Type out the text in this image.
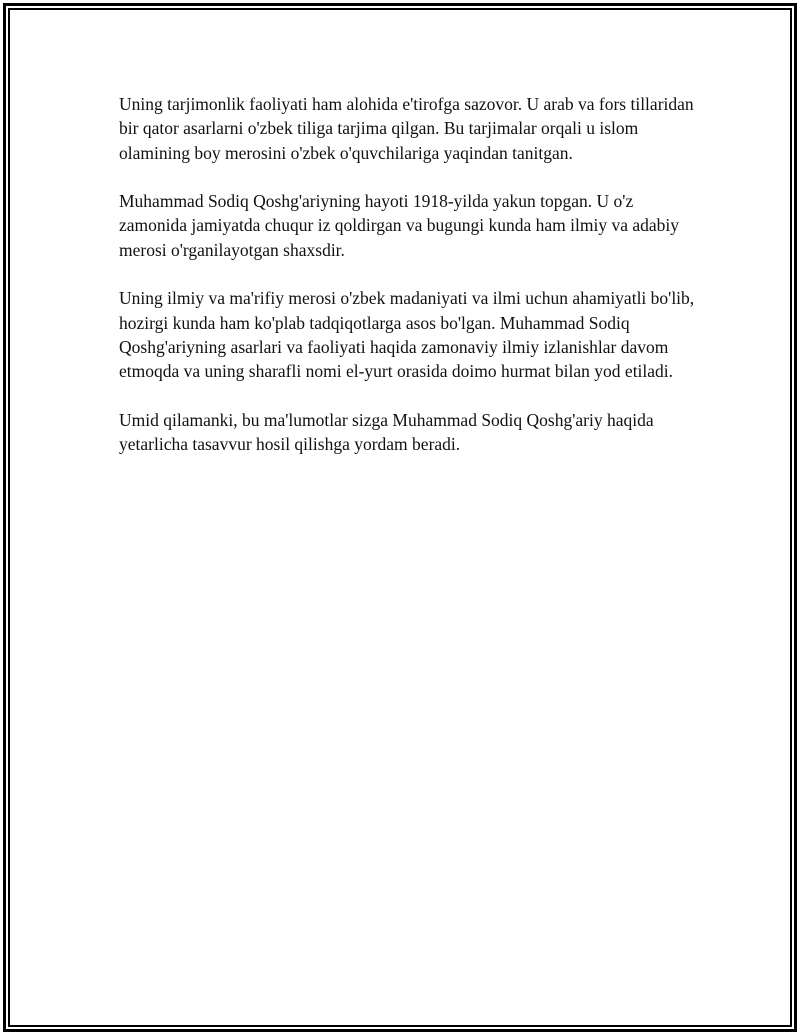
Uning tarjimonlik faoliyati ham alohida e'tirofga sazovor. U arab va fors tillaridan bir qator asarlarni o'zbek tiliga tarjima qilgan. Bu tarjimalar orqali u islom olamining boy merosini o'zbek o'quvchilariga yaqindan tanitgan.

Muhammad Sodiq Qoshg'ariyning hayoti 1918-yilda yakun topgan. U o'z zamonida jamiyatda chuqur iz qoldirgan va bugungi kunda ham ilmiy va adabiy merosi o'rganilayotgan shaxsdir.

Uning ilmiy va ma'rifiy merosi o'zbek madaniyati va ilmi uchun ahamiyatli bo'lib, hozirgi kunda ham ko'plab tadqiqotlarga asos bo'lgan. Muhammad Sodiq Qoshg'ariyning asarlari va faoliyati haqida zamonaviy ilmiy izlanishlar davom etmoqda va uning sharafli nomi el-yurt orasida doimo hurmat bilan yod etiladi.

Umid qilamanki, bu ma'lumotlar sizga Muhammad Sodiq Qoshg'ariy haqida yetarlicha tasavvur hosil qilishga yordam beradi.
